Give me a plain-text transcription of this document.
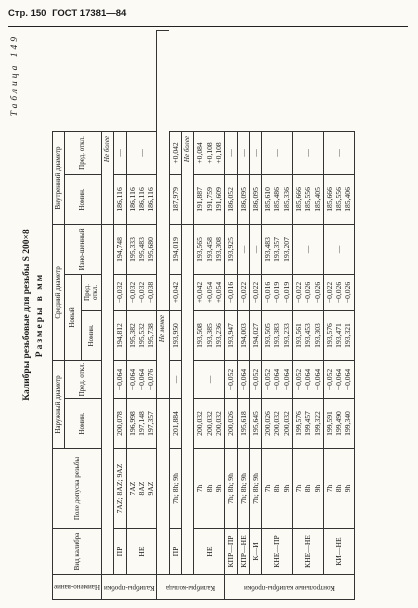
Стр. 150 ГОСТ 17381—84
Таблица 149
Калибры резьбовые для резьбы S 200×8 Размеры в мм
Наимено-вание	Вид калибра	Поле допуска резьбы	Наружный диаметр		Средний диаметр			Внутренний диаметр	
			Номин.	Пред. откл.	Новый		Изно-шенный	Номин.	Пред. откл.
					Номин.	Пред. откл.			

Калибры-пробки								Не более	
	ПР	7AZ; 8AZ; 9AZ	200,078	−0,064	194,812	−0,032	194,748	186,116	—

	НЕ	7AZ 8AZ 9AZ	196,998 197,148 197,357	−0,064 −0,064 −0,076	195,382 195,532 195,738	−0,032 −0,032 −0,038	195,333 195,483 195,680	186,116 186,116 186,116	—

Калибры-кольца				Не менее					
	ПР	7h; 8h; 9h	201,884	—	193,950	+0,042	194,019	187,979	+0,042

								Не более	
	НЕ	7h 8h 9h	200,032 200,032 200,032	—	193,508 193,385 193,236	+0,042 +0,054 +0,054	193,565 193,458 193,308	191,887 191,759 191,609	+0,084 +0,108 +0,108

Контрольные калибры-пробки	КПР—ПР	7h; 8h; 9h	200,026	−0,052	193,947	−0,016	193,925	186,052	—

	КПР—НЕ	7h; 8h; 9h	195,618	−0,064	194,003	−0,022	—	186,095	—

	К—И	7h; 8h; 9h	195,645	−0,052	194,027	−0,022	—	186,095	—

	КНЕ—ПР	7h 8h 9h	200,026 200,032 200,032	−0,052 −0,064 −0,064	193,505 193,383 193,233	−0,016 −0,019 −0,019	193,483 193,357 193,207	185,610 185,486 185,336	—

	КНЕ—НЕ	7h 8h 9h	199,576 199,457 199,322	−0,052 −0,064 −0,064	193,561 193,453 193,303	−0,022 −0,026 −0,026	—	185,666 185,556 185,405	—

	КИ—НЕ	7h 8h 9h	199,591 199,490 199,340	−0,052 −0,064 −0,064	193,576 193,471 193,321	−0,022 −0,026 −0,026	—	185,666 185,556 185,406	—
